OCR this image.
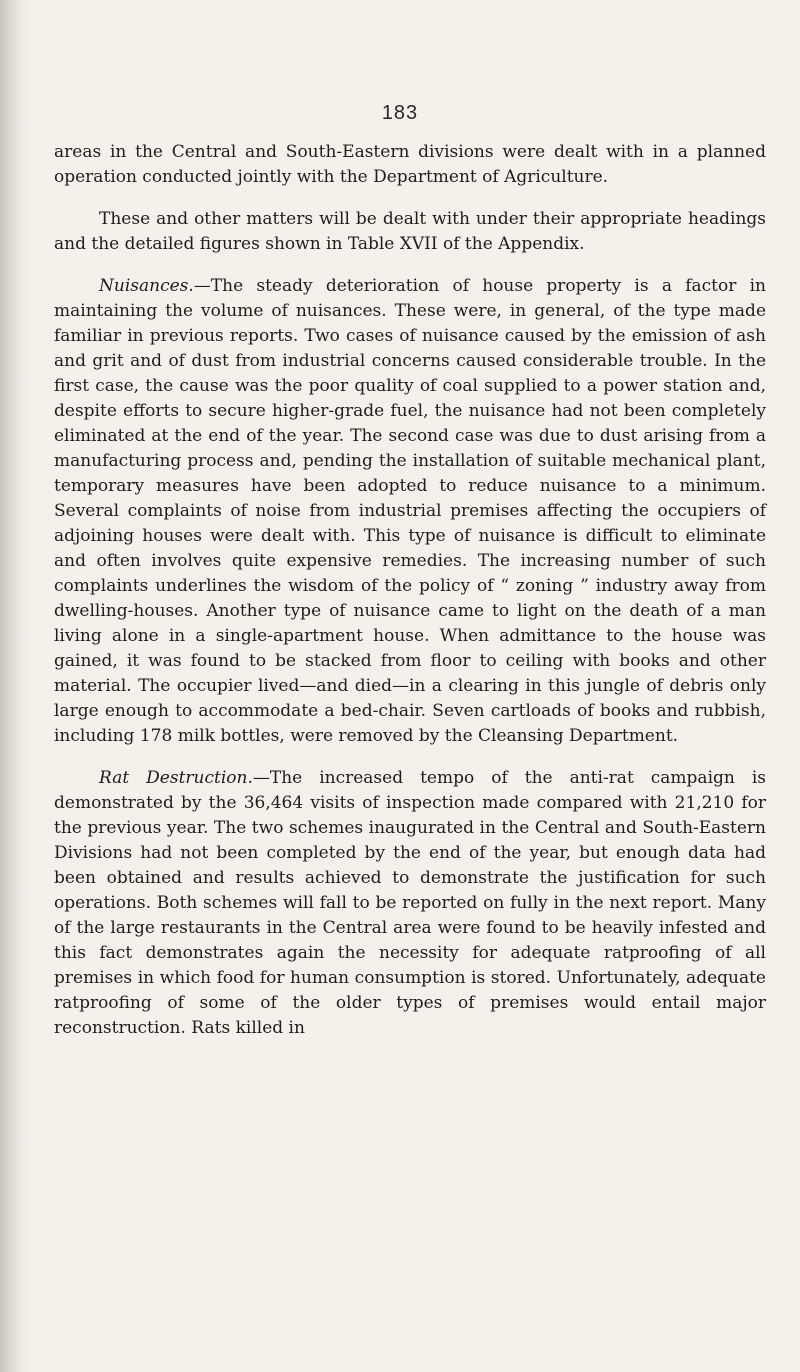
183

areas in the Central and South-Eastern divisions were dealt with in a planned operation conducted jointly with the Department of Agriculture.

These and other matters will be dealt with under their appropriate headings and the detailed figures shown in Table XVII of the Appendix.

Nuisances.—The steady deterioration of house property is a factor in maintaining the volume of nuisances. These were, in general, of the type made familiar in previous reports. Two cases of nuisance caused by the emission of ash and grit and of dust from industrial concerns caused considerable trouble. In the first case, the cause was the poor quality of coal supplied to a power station and, despite efforts to secure higher-grade fuel, the nuisance had not been completely eliminated at the end of the year. The second case was due to dust arising from a manufacturing process and, pending the installation of suitable mechanical plant, temporary measures have been adopted to reduce nuisance to a minimum. Several complaints of noise from industrial premises affecting the occupiers of adjoining houses were dealt with. This type of nuisance is difficult to eliminate and often involves quite expensive remedies. The increasing number of such complaints underlines the wisdom of the policy of “ zoning ” industry away from dwelling-houses. Another type of nuisance came to light on the death of a man living alone in a single-apartment house. When admittance to the house was gained, it was found to be stacked from floor to ceiling with books and other material. The occupier lived—and died—in a clearing in this jungle of debris only large enough to accommodate a bed-chair. Seven cartloads of books and rubbish, including 178 milk bottles, were removed by the Cleansing Department.

Rat Destruction.—The increased tempo of the anti-rat campaign is demonstrated by the 36,464 visits of inspection made compared with 21,210 for the previous year. The two schemes inaugurated in the Central and South-Eastern Divisions had not been completed by the end of the year, but enough data had been obtained and results achieved to demonstrate the justification for such operations. Both schemes will fall to be reported on fully in the next report. Many of the large restaurants in the Central area were found to be heavily infested and this fact demonstrates again the necessity for adequate ratproofing of all premises in which food for human consumption is stored. Unfortunately, adequate ratproofing of some of the older types of premises would entail major reconstruction. Rats killed in
